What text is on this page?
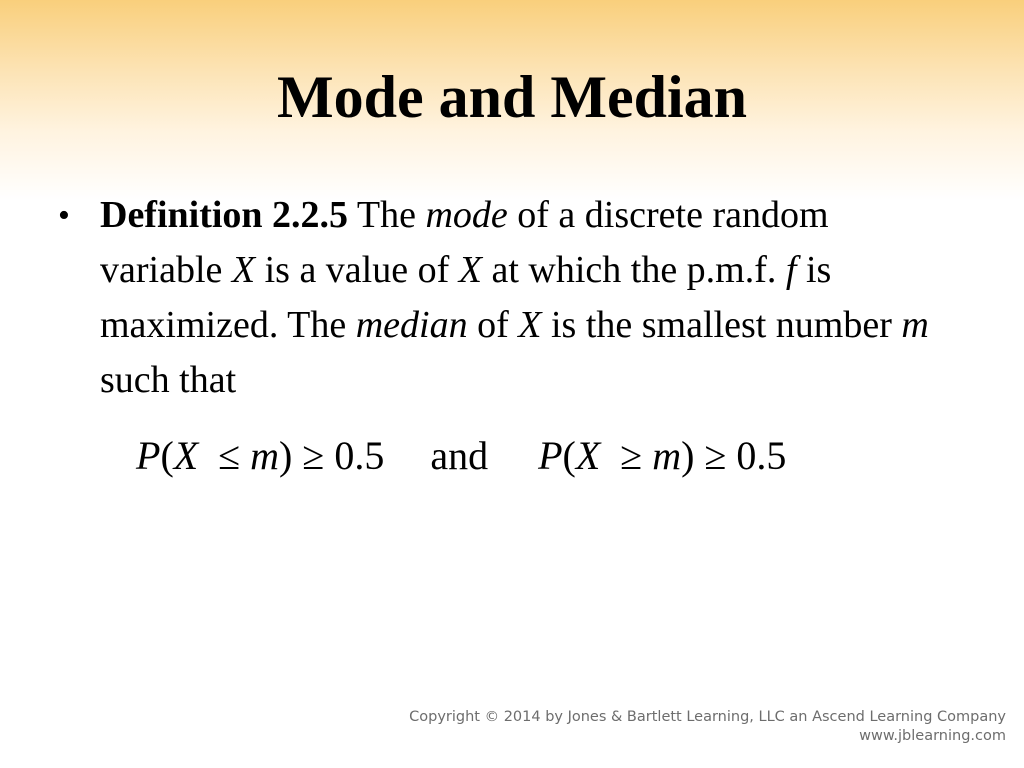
Mode and Median
• Definition 2.2.5 The mode of a discrete random variable X is a value of X at which the p.m.f. f is maximized. The median of X is the smallest number m such that
P(X ≤ m) ≥ 0.5 and P(X ≥ m) ≥ 0.5
Copyright © 2014 by Jones & Bartlett Learning, LLC an Ascend Learning Company
www.jblearning.com
